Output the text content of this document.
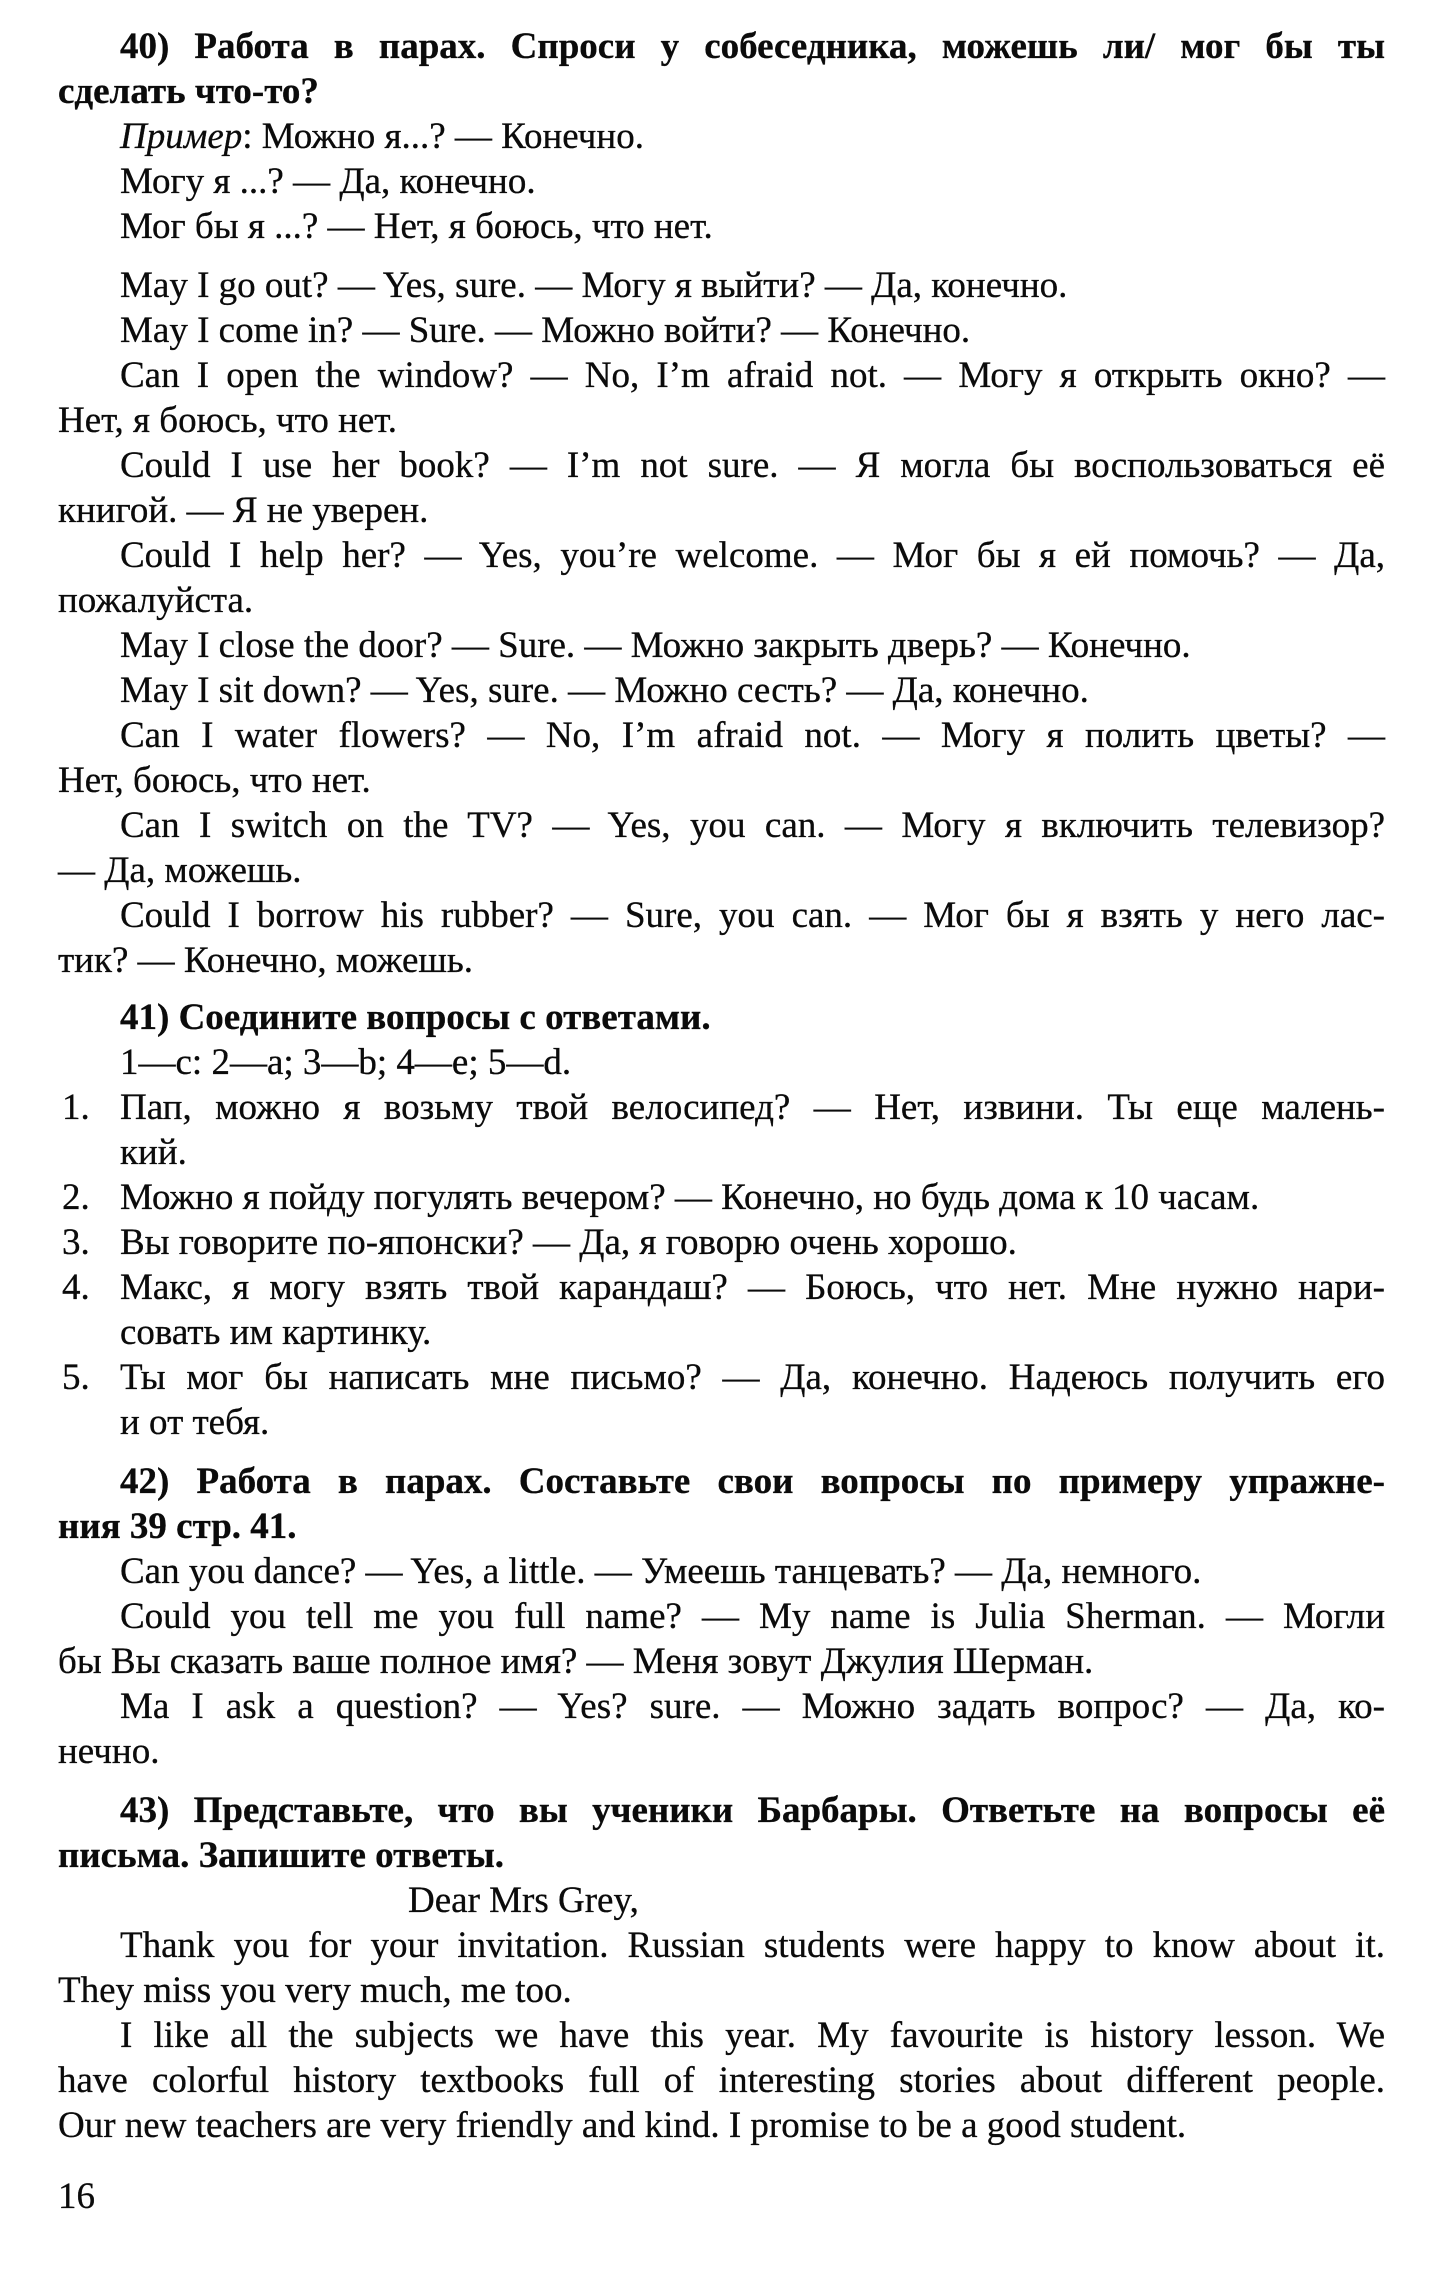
40) Работа в парах. Спроси у собеседника, можешь ли/ мог бы ты
сделать что-то?
Пример: Можно я...? — Конечно.
Могу я ...? — Да, конечно.
Мог бы я ...? — Нет, я боюсь, что нет.
May I go out? — Yes, sure. — Могу я выйти? — Да, конечно.
May I come in? — Sure. — Можно войти? — Конечно.
Can I open the window? — No, I’m afraid not. — Могу я открыть окно? —
Нет, я боюсь, что нет.
Could I use her book? — I’m not sure. — Я могла бы воспользоваться её
книгой. — Я не уверен.
Could I help her? — Yes, you’re welcome. — Мог бы я ей помочь? — Да,
пожалуйста.
May I close the door? — Sure. — Можно закрыть дверь? — Конечно.
May I sit down? — Yes, sure. — Можно сесть? — Да, конечно.
Can I water flowers? — No, I’m afraid not. — Могу я полить цветы? —
Нет, боюсь, что нет.
Can I switch on the TV? — Yes, you can. — Могу я включить телевизор?
— Да, можешь.
Could I borrow his rubber? — Sure, you can. — Мог бы я взять у него лас-
тик? — Конечно, можешь.
41) Соедините вопросы с ответами.
1—c: 2—a; 3—b; 4—e; 5—d.
1. Пап, можно я возьму твой велосипед? — Нет, извини. Ты еще малень-
кий.
2. Можно я пойду погулять вечером? — Конечно, но будь дома к 10 часам.
3. Вы говорите по-японски? — Да, я говорю очень хорошо.
4. Макс, я могу взять твой карандаш? — Боюсь, что нет. Мне нужно нари-
совать им картинку.
5. Ты мог бы написать мне письмо? — Да, конечно. Надеюсь получить его
и от тебя.
42) Работа в парах. Составьте свои вопросы по примеру упражне-
ния 39 стр. 41.
Can you dance? — Yes, a little. — Умеешь танцевать? — Да, немного.
Could you tell me you full name? — My name is Julia Sherman. — Могли
бы Вы сказать ваше полное имя? — Меня зовут Джулия Шерман.
Ma I ask a question? — Yes? sure. — Можно задать вопрос? — Да, ко-
нечно.
43) Представьте, что вы ученики Барбары. Ответьте на вопросы её
письма. Запишите ответы.
Dear Mrs Grey,
Thank you for your invitation. Russian students were happy to know about it.
They miss you very much, me too.
I like all the subjects we have this year. My favourite is history lesson. We
have colorful history textbooks full of interesting stories about different people.
Our new teachers are very friendly and kind. I promise to be a good student.
16
